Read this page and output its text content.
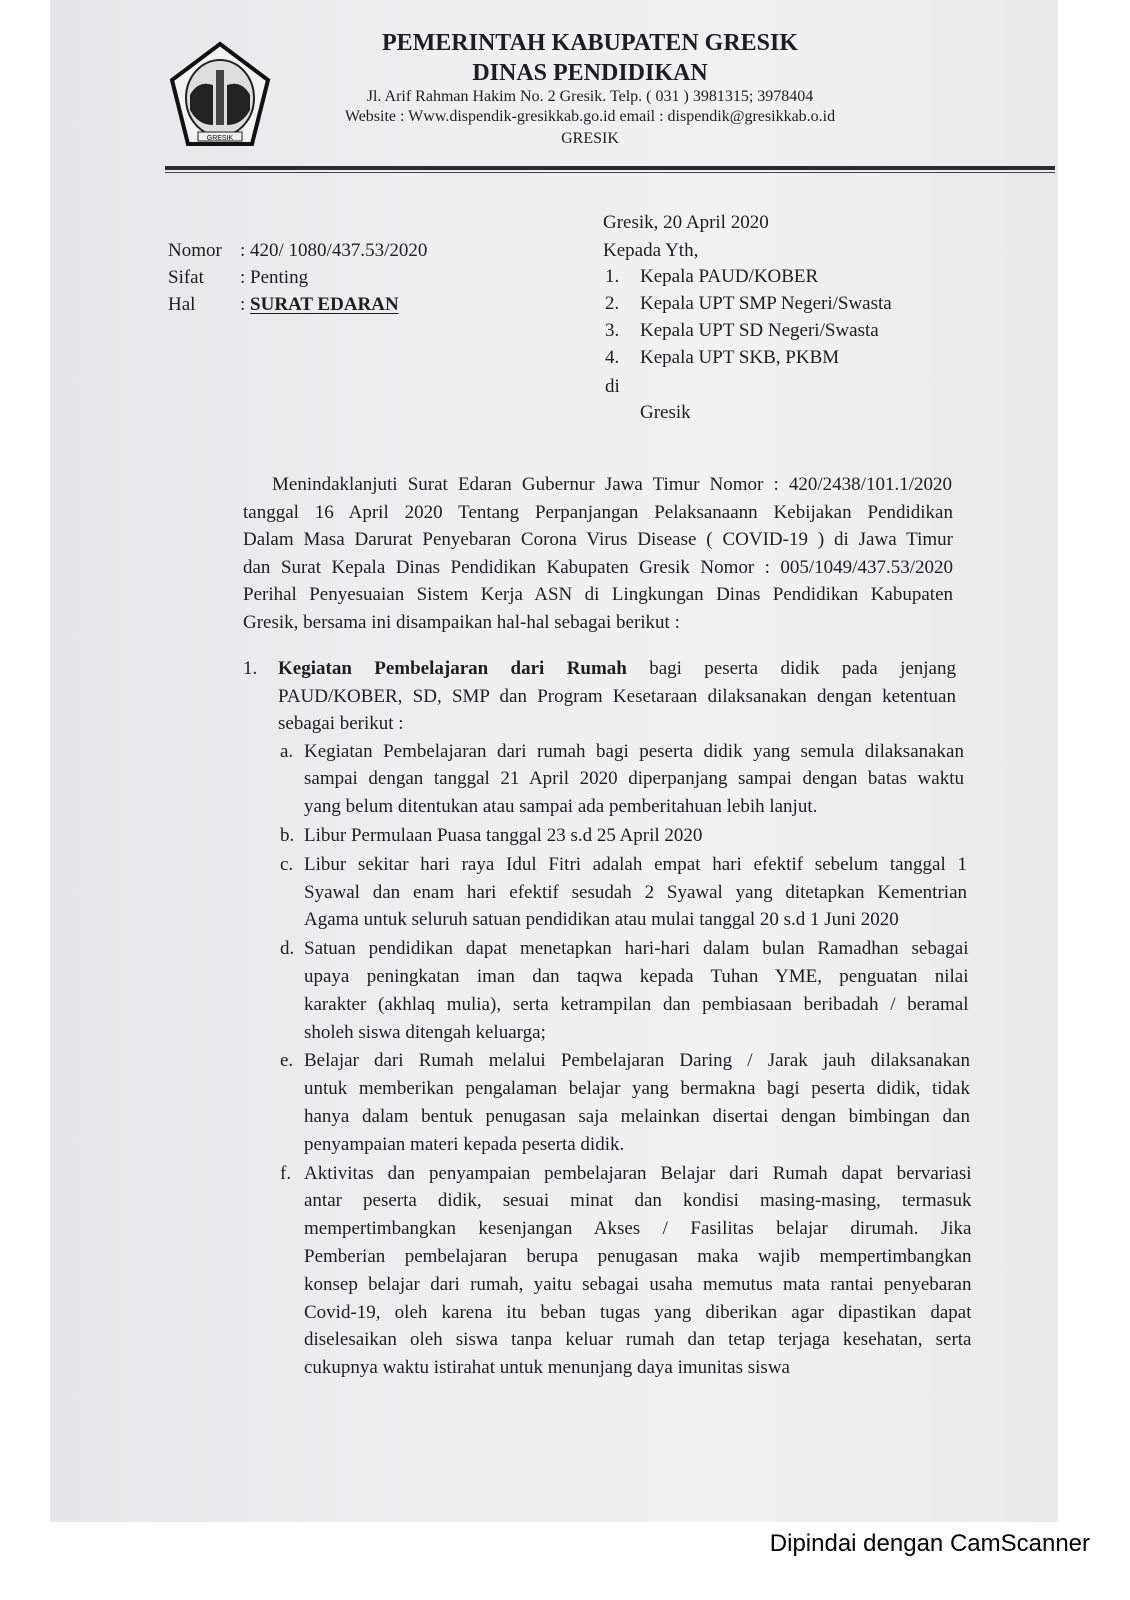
GRESIK
PEMERINTAH KABUPATEN GRESIK
DINAS PENDIDIKAN
Jl. Arif Rahman Hakim No. 2 Gresik. Telp. ( 031 ) 3981315; 3978404
Website : Www.dispendik-gresikkab.go.id email : dispendik@gresikkab.o.id
GRESIK
Nomor : 420/ 1080/437.53/2020
Sifat : Penting
Hal : SURAT EDARAN
Gresik, 20 April 2020
Kepada Yth,
1. Kepala PAUD/KOBER
2. Kepala UPT SMP Negeri/Swasta
3. Kepala UPT SD Negeri/Swasta
4. Kepala UPT SKB, PKBM
di
Gresik
Menindaklanjuti Surat Edaran Gubernur Jawa Timur Nomor : 420/2438/101.1/2020
tanggal 16 April 2020 Tentang Perpanjangan Pelaksanaann Kebijakan Pendidikan
Dalam Masa Darurat Penyebaran Corona Virus Disease ( COVID-19 ) di Jawa Timur
dan Surat Kepala Dinas Pendidikan Kabupaten Gresik Nomor : 005/1049/437.53/2020
Perihal Penyesuaian Sistem Kerja ASN di Lingkungan Dinas Pendidikan Kabupaten
Gresik, bersama ini disampaikan hal-hal sebagai berikut :
1. Kegiatan Pembelajaran dari Rumah bagi peserta didik pada jenjang
PAUD/KOBER, SD, SMP dan Program Kesetaraan dilaksanakan dengan ketentuan
sebagai berikut :
a. Kegiatan Pembelajaran dari rumah bagi peserta didik yang semula dilaksanakan
sampai dengan tanggal 21 April 2020 diperpanjang sampai dengan batas waktu
yang belum ditentukan atau sampai ada pemberitahuan lebih lanjut.
b. Libur Permulaan Puasa tanggal 23 s.d 25 April 2020
c. Libur sekitar hari raya Idul Fitri adalah empat hari efektif sebelum tanggal 1
Syawal dan enam hari efektif sesudah 2 Syawal yang ditetapkan Kementrian
Agama untuk seluruh satuan pendidikan atau mulai tanggal 20 s.d 1 Juni 2020
d. Satuan pendidikan dapat menetapkan hari-hari dalam bulan Ramadhan sebagai
upaya peningkatan iman dan taqwa kepada Tuhan YME, penguatan nilai
karakter (akhlaq mulia), serta ketrampilan dan pembiasaan beribadah / beramal
sholeh siswa ditengah keluarga;
e. Belajar dari Rumah melalui Pembelajaran Daring / Jarak jauh dilaksanakan
untuk memberikan pengalaman belajar yang bermakna bagi peserta didik, tidak
hanya dalam bentuk penugasan saja melainkan disertai dengan bimbingan dan
penyampaian materi kepada peserta didik.
f. Aktivitas dan penyampaian pembelajaran Belajar dari Rumah dapat bervariasi
antar peserta didik, sesuai minat dan kondisi masing-masing, termasuk
mempertimbangkan kesenjangan Akses / Fasilitas belajar dirumah. Jika
Pemberian pembelajaran berupa penugasan maka wajib mempertimbangkan
konsep belajar dari rumah, yaitu sebagai usaha memutus mata rantai penyebaran
Covid-19, oleh karena itu beban tugas yang diberikan agar dipastikan dapat
diselesaikan oleh siswa tanpa keluar rumah dan tetap terjaga kesehatan, serta
cukupnya waktu istirahat untuk menunjang daya imunitas siswa
Dipindai dengan CamScanner
